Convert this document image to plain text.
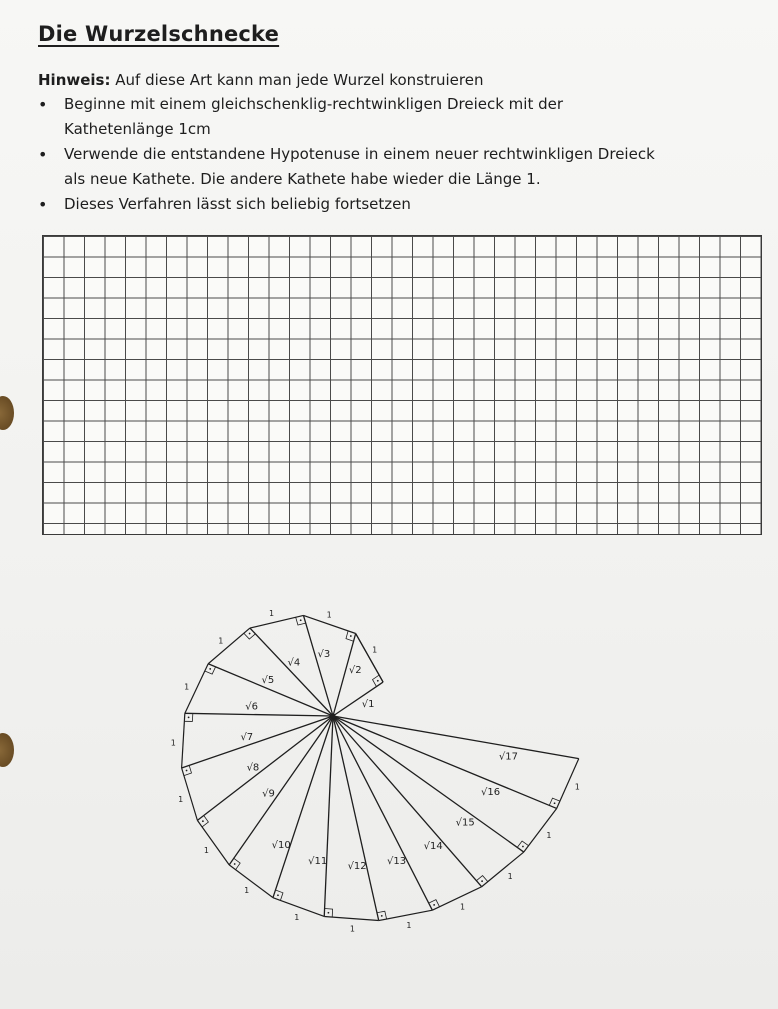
Die Wurzelschnecke
Hinweis: Auf diese Art kann man jede Wurzel konstruieren
• Beginne mit einem gleichschenklig-rechtwinkligen Dreieck mit der
Kathetenlänge 1cm
• Verwende die entstandene Hypotenuse in einem neuer rechtwinkligen Dreieck
als neue Kathete. Die andere Kathete habe wieder die Länge 1.
• Dieses Verfahren lässt sich beliebig fortsetzen
1
1
1
1
1
1
1
1
1
1
1	1
1
1
1
1
√1
√2
√3
√4
√5
√6
√7
√8
√9
√10
√11 √12 √13
√14
√15
√16
√17
